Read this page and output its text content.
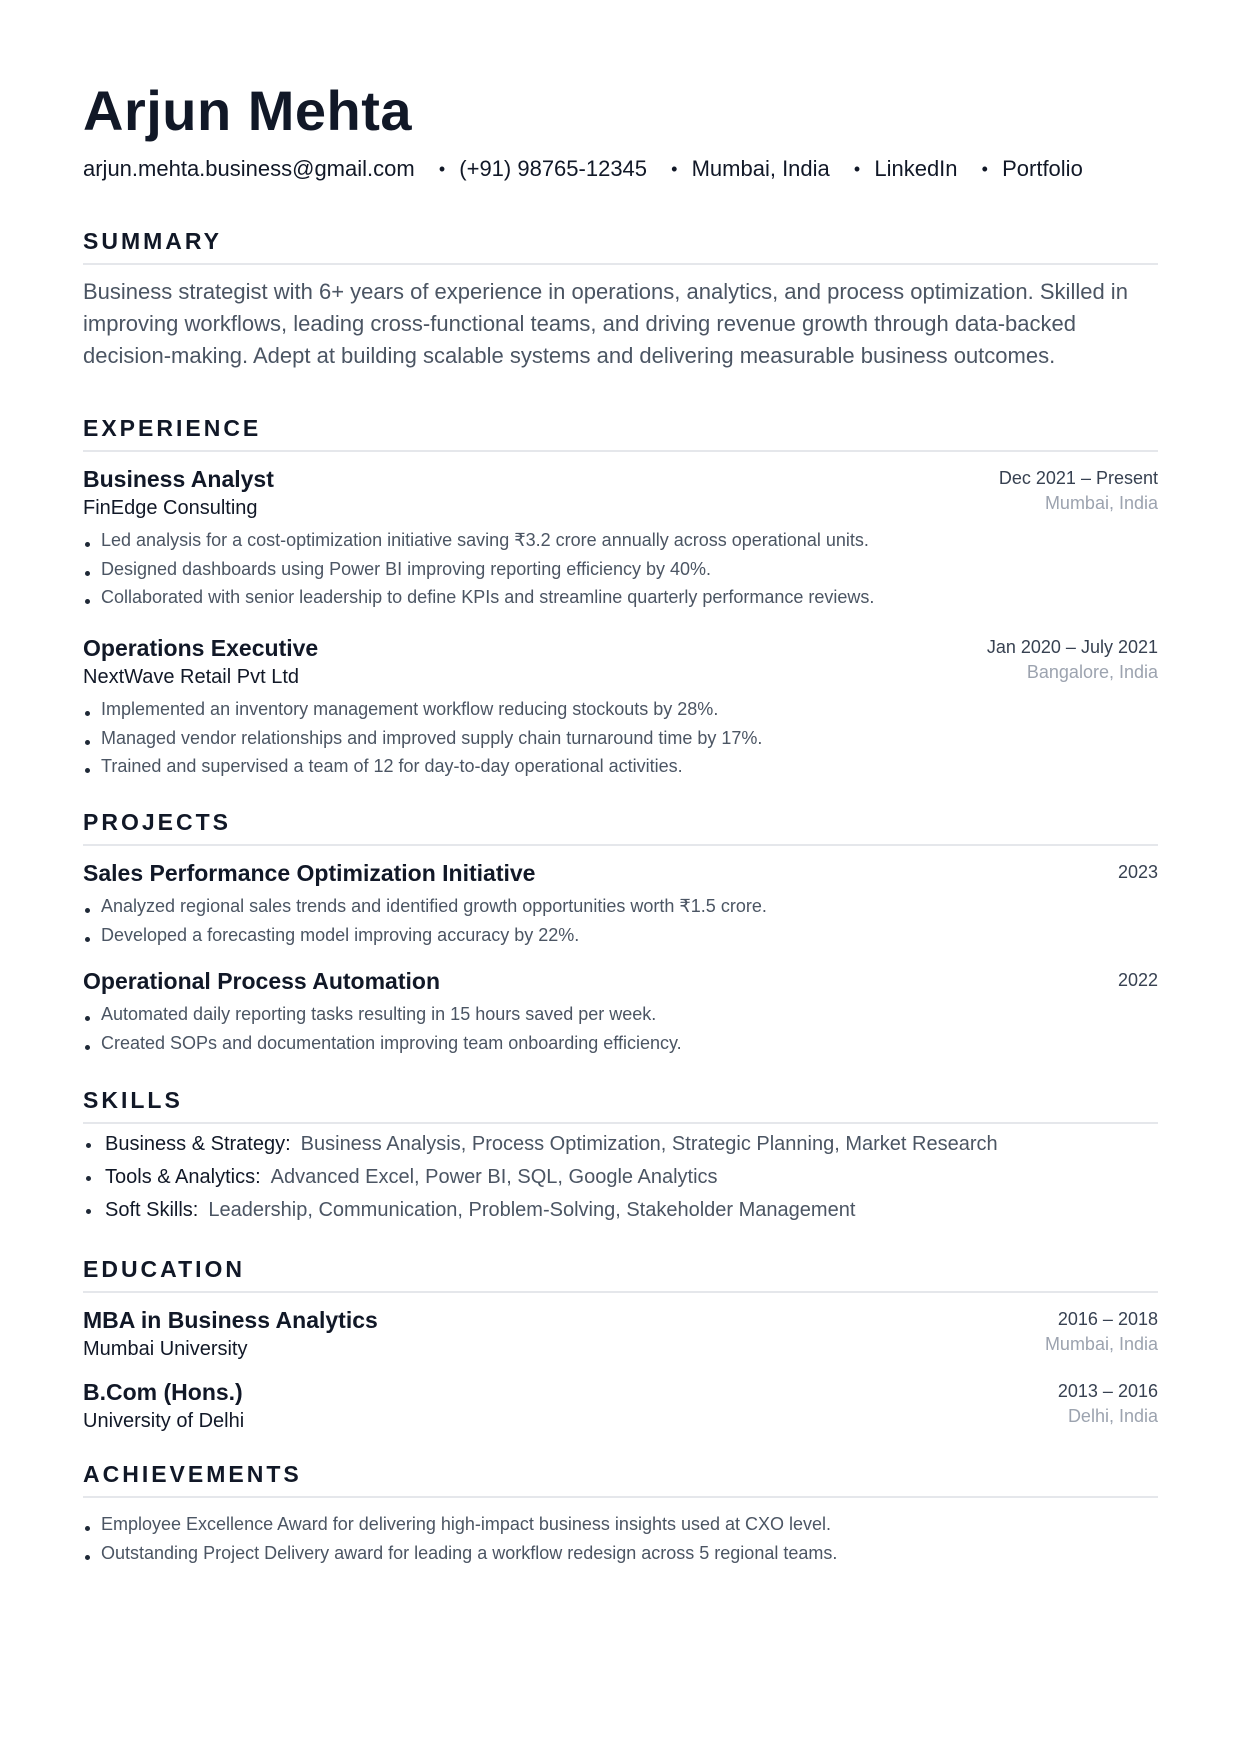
Arjun Mehta
arjun.mehta.business@gmail.com • (+91) 98765-12345 • Mumbai, India • LinkedIn • Portfolio
SUMMARY

Business strategist with 6+ years of experience in operations, analytics, and process optimization. Skilled in improving workflows, leading cross-functional teams, and driving revenue growth through data-backed decision-making. Adept at building scalable systems and delivering measurable business outcomes.

EXPERIENCE

Business Analyst

FinEdge Consulting

Dec 2021 – Present
Mumbai, India
Led analysis for a cost-optimization initiative saving ₹3.2 crore annually across operational units.
Designed dashboards using Power BI improving reporting efficiency by 40%.
Collaborated with senior leadership to define KPIs and streamline quarterly performance reviews.

Operations Executive

NextWave Retail Pvt Ltd

Jan 2020 – July 2021
Bangalore, India
Implemented an inventory management workflow reducing stockouts by 28%.
Managed vendor relationships and improved supply chain turnaround time by 17%.
Trained and supervised a team of 12 for day-to-day operational activities.
PROJECTS

Sales Performance Optimization Initiative	2023
Analyzed regional sales trends and identified growth opportunities worth ₹1.5 crore.
Developed a forecasting model improving accuracy by 22%.

Operational Process Automation	2022
Automated daily reporting tasks resulting in 15 hours saved per week.
Created SOPs and documentation improving team onboarding efficiency.
SKILLS
Business & Strategy: Business Analysis, Process Optimization, Strategic Planning, Market Research
Tools & Analytics: Advanced Excel, Power BI, SQL, Google Analytics
Soft Skills: Leadership, Communication, Problem-Solving, Stakeholder Management
EDUCATION

MBA in Business Analytics

Mumbai University

2016 – 2018
Mumbai, India

B.Com (Hons.)

University of Delhi

2013 – 2016
Delhi, India
ACHIEVEMENTS
Employee Excellence Award for delivering high-impact business insights used at CXO level.
Outstanding Project Delivery award for leading a workflow redesign across 5 regional teams.
